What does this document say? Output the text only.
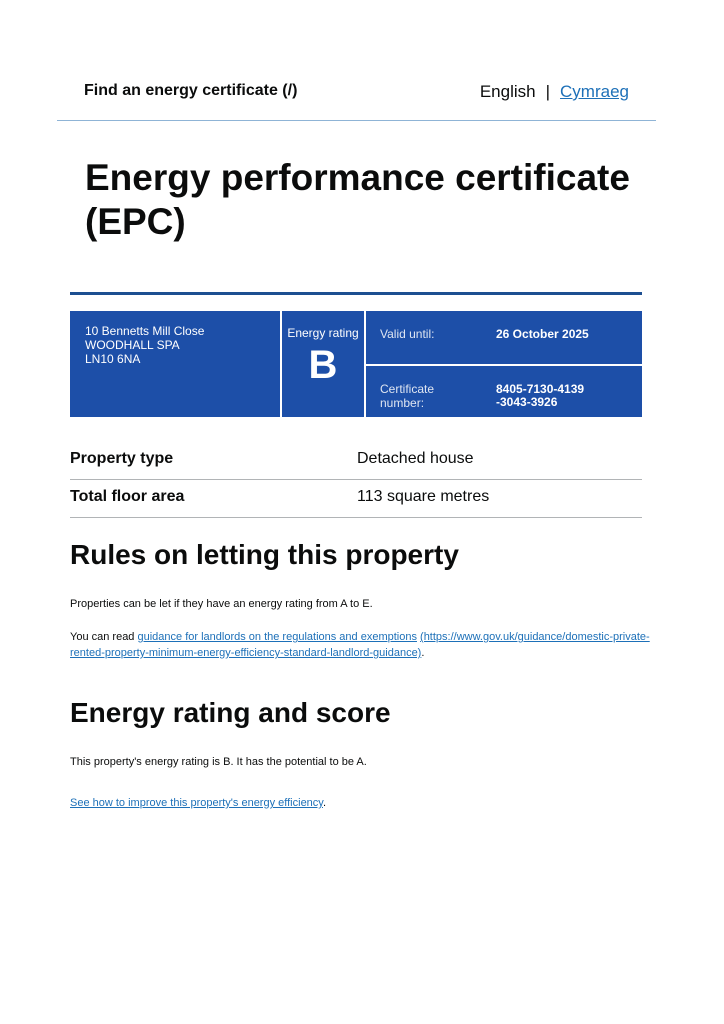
Find an energy certificate (/)	English | Cymraeg
Energy performance certificate (EPC)
10 Bennetts Mill Close
WOODHALL SPA
LN10 6NA
Energy rating
B
Valid until:	26 October 2025
Certificate
number:
8405-7130-4139
-3043-3926
Property type	Detached house
Total floor area	113 square metres
Rules on letting this property
Properties can be let if they have an energy rating from A to E.
You can read guidance for landlords on the regulations and exemptions (https://www.gov.uk/guidance/domestic-private-rented-property-minimum-energy-efficiency-standard-landlord-guidance).
Energy rating and score
This property's energy rating is B. It has the potential to be A.
See how to improve this property's energy efficiency.
